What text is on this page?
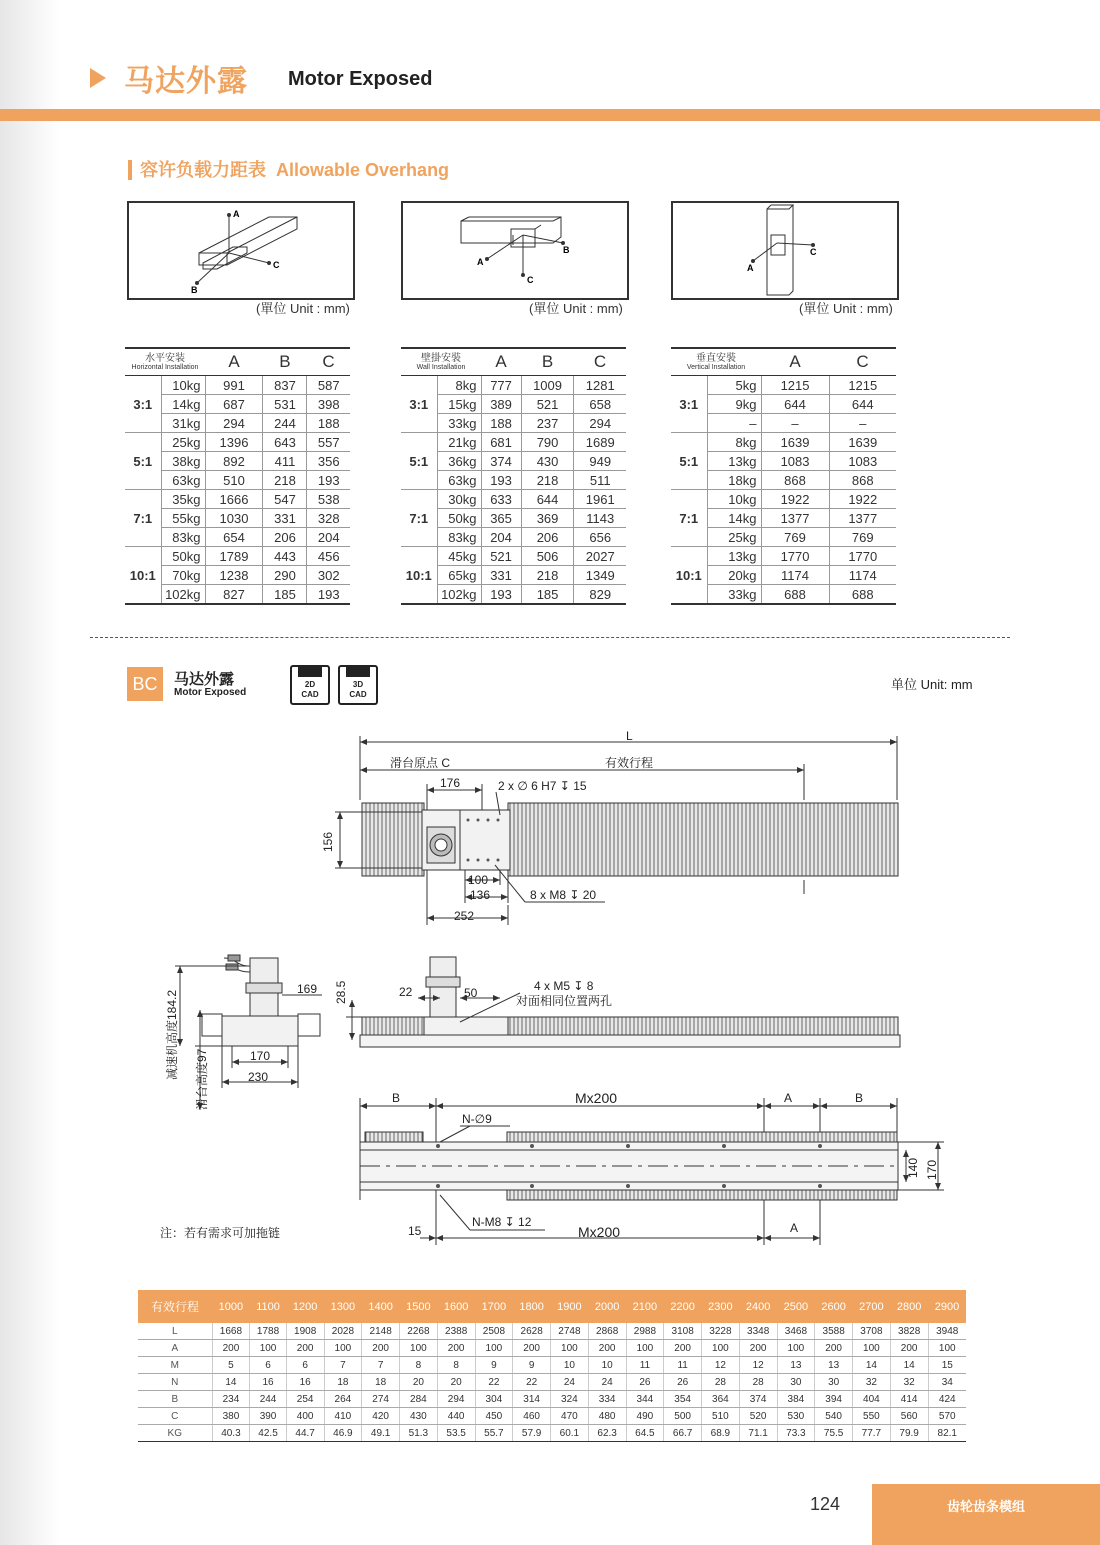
马达外露 Motor Exposed
容许负载力距表 Allowable Overhang
A
B
C
(單位 Unit : mm)
A
B
C
(單位 Unit : mm)
A
C
(單位 Unit : mm)
水平安装
Horizontal Installation		A	B	C
3:1	10kg	991	837	587
	14kg	687	531	398
	31kg	294	244	188
5:1	25kg	1396	643	557
	38kg	892	411	356
	63kg	510	218	193
7:1	35kg	1666	547	538
	55kg	1030	331	328
	83kg	654	206	204
10:1	50kg	1789	443	456
	70kg	1238	290	302
	102kg	827	185	193
壁掛安裝
Wall Installation		A	B	C
3:1	8kg	777	1009	1281
	15kg	389	521	658
	33kg	188	237	294
5:1	21kg	681	790	1689
	36kg	374	430	949
	63kg	193	218	511
7:1	30kg	633	644	1961
	50kg	365	369	1143
	83kg	204	206	656
10:1	45kg	521	506	2027
	65kg	331	218	1349
	102kg	193	185	829
垂直安裝
Vertical Installation		A	C
3:1	5kg	1215	1215
	9kg	644	644
	–	–	–
5:1	8kg	1639	1639
	13kg	1083	1083
	18kg	868	868
7:1	10kg	1922	1922
	14kg	1377	1377
	25kg	769	769
10:1	13kg	1770	1770
	20kg	1174	1174
	33kg	688	688
BC	马达外露
Motor Exposed
2D
CAD
3D
CAD
单位 Unit: mm
L
滑台原点 C	有效行程
176	2 x ∅ 6 H7 ↧ 15
156
100
136
252
8 x M8 ↧ 20
169 28.5	22	50	4 x M5 ↧ 8
对面相同位置两孔
减速机高度184.2 滑台高度97	170
230
B	Mx200	A	B
N-∅9
140 170
15
N-M8 ↧ 12
Mx200	A
注：若有需求可加拖链
有效行程	1000	1100	1200	1300	1400	1500	1600	1700	1800	1900	2000	2100	2200	2300	2400	2500	2600	2700	2800	2900
L	1668	1788	1908	2028	2148	2268	2388	2508	2628	2748	2868	2988	3108	3228	3348	3468	3588	3708	3828	3948
A	200	100	200	100	200	100	200	100	200	100	200	100	200	100	200	100	200	100	200	100
M	5	6	6	7	7	8	8	9	9	10	10	11	11	12	12	13	13	14	14	15
N	14	16	16	18	18	20	20	22	22	24	24	26	26	28	28	30	30	32	32	34
B	234	244	254	264	274	284	294	304	314	324	334	344	354	364	374	384	394	404	414	424
C	380	390	400	410	420	430	440	450	460	470	480	490	500	510	520	530	540	550	560	570
KG	40.3	42.5	44.7	46.9	49.1	51.3	53.5	55.7	57.9	60.1	62.3	64.5	66.7	68.9	71.1	73.3	75.5	77.7	79.9	82.1
124	齿轮齿条模组
